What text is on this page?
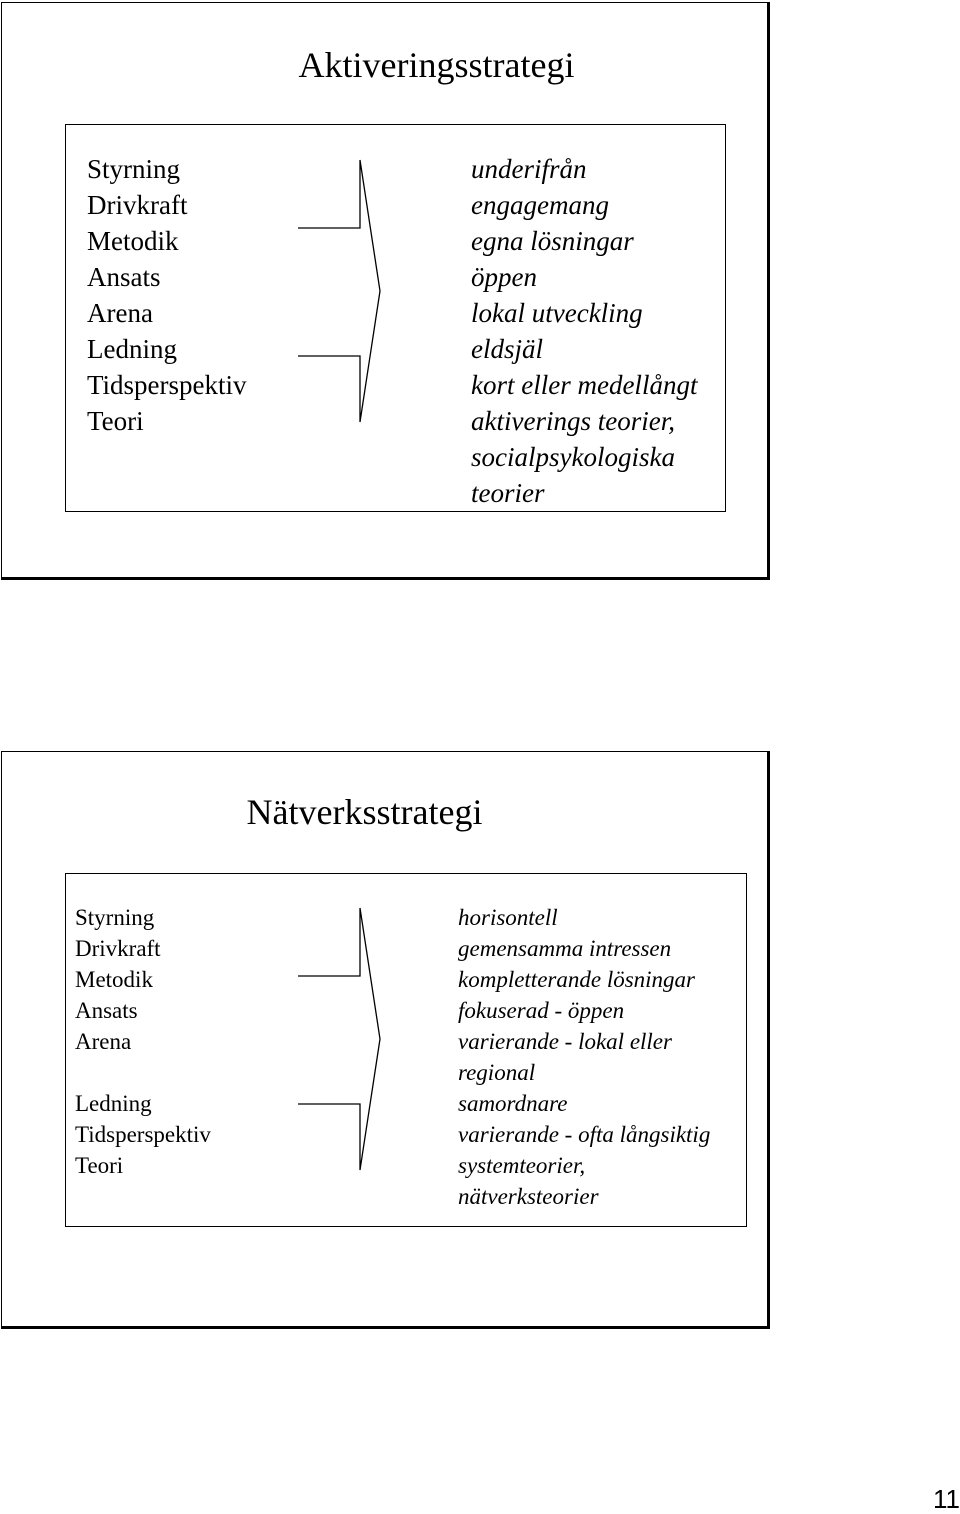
Aktiveringsstrategi
Styrning
Drivkraft
Metodik
Ansats
Arena
Ledning
Tidsperspektiv
Teori
underifrån
engagemang
egna lösningar
öppen
lokal utveckling
eldsjäl
kort eller medellångt
aktiverings teorier,
socialpsykologiska
teorier
Nätverksstrategi
Styrning
Drivkraft
Metodik
Ansats
Arena
Ledning
Tidsperspektiv
Teori
horisontell
gemensamma intressen
kompletterande lösningar
fokuserad - öppen
varierande - lokal eller
regional
samordnare
varierande - ofta långsiktig
systemteorier,
nätverksteorier
11
